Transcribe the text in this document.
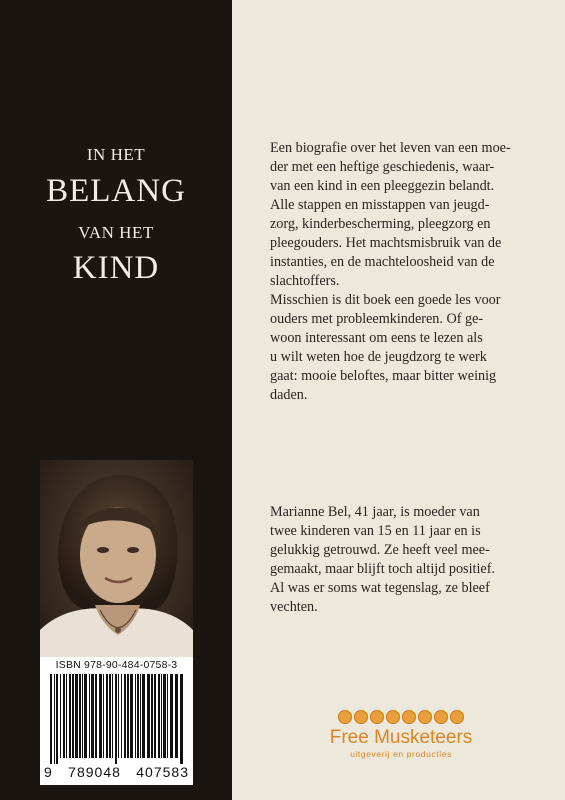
IN HET
BELANG
VAN HET
KIND
ISBN 978-90-484-0758-3
9 789048 407583

Een biografie over het leven van een moe-
der met een heftige geschiedenis, waar-
van een kind in een pleeggezin belandt.
Alle stappen en misstappen van jeugd-
zorg, kinderbescherming, pleegzorg en
pleegouders. Het machtsmisbruik van de
instanties, en de machteloosheid van de
slachtoffers.

Misschien is dit boek een goede les voor
ouders met probleemkinderen. Of ge-
woon interessant om eens te lezen als
u wilt weten hoe de jeugdzorg te werk
gaat: mooie beloftes, maar bitter weinig
daden.

Marianne Bel, 41 jaar, is moeder van
twee kinderen van 15 en 11 jaar en is
gelukkig getrouwd. Ze heeft veel mee-
gemaakt, maar blijft toch altijd positief.
Al was er soms wat tegenslag, ze bleef
vechten.

Free Musketeers
uitgeverij en producties
